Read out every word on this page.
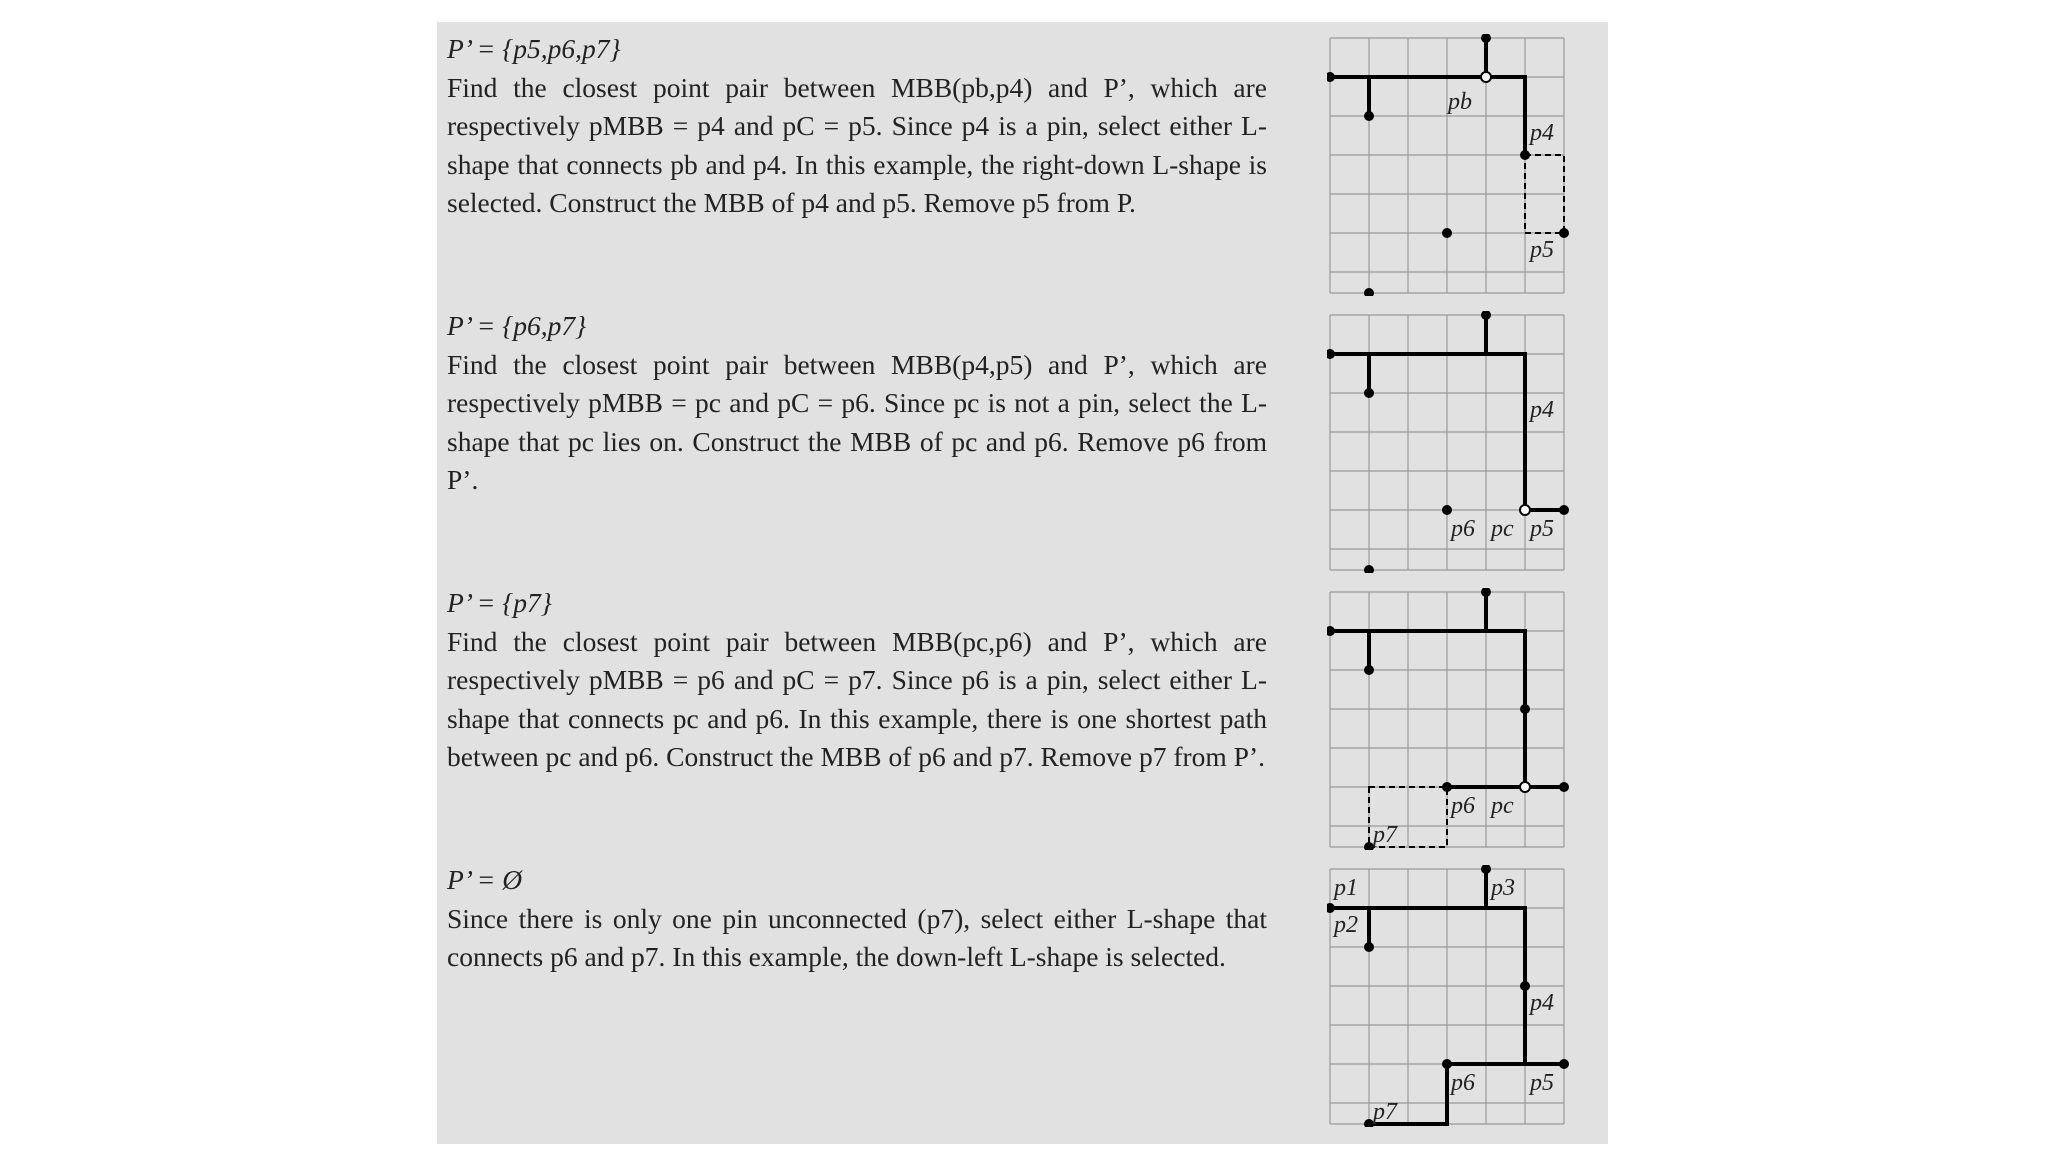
P’ = {p5,p6,p7}

Find the closest point pair between MBB(pb,p4) and P’, which are respectively pMBB = p4 and pC = p5. Since p4 is a pin, select either L-shape that connects pb and p4. In this example, the right-down L-shape is selected. Construct the MBB of p4 and p5. Remove p5 from P.

P’ = {p6,p7}

Find the closest point pair between MBB(p4,p5) and P’, which are respectively pMBB = pc and pC = p6. Since pc is not a pin, select the L-shape that pc lies on. Construct the MBB of pc and p6. Remove p6 from P’.

P’ = {p7}

Find the closest point pair between MBB(pc,p6) and P’, which are respectively pMBB = p6 and pC = p7. Since p6 is a pin, select either L-shape that connects pc and p6. In this example, there is one shortest path between pc and p6. Construct the MBB of p6 and p7. Remove p7 from P’.

P’ = Ø

Since there is only one pin unconnected (p7), select either L-shape that connects p6 and p7. In this example, the down-left L-shape is selected.

pb
p4
p5
p4
p6 pc p5
p6 pc
p7
p1	p3
p2
p4
p6 p5
p7
